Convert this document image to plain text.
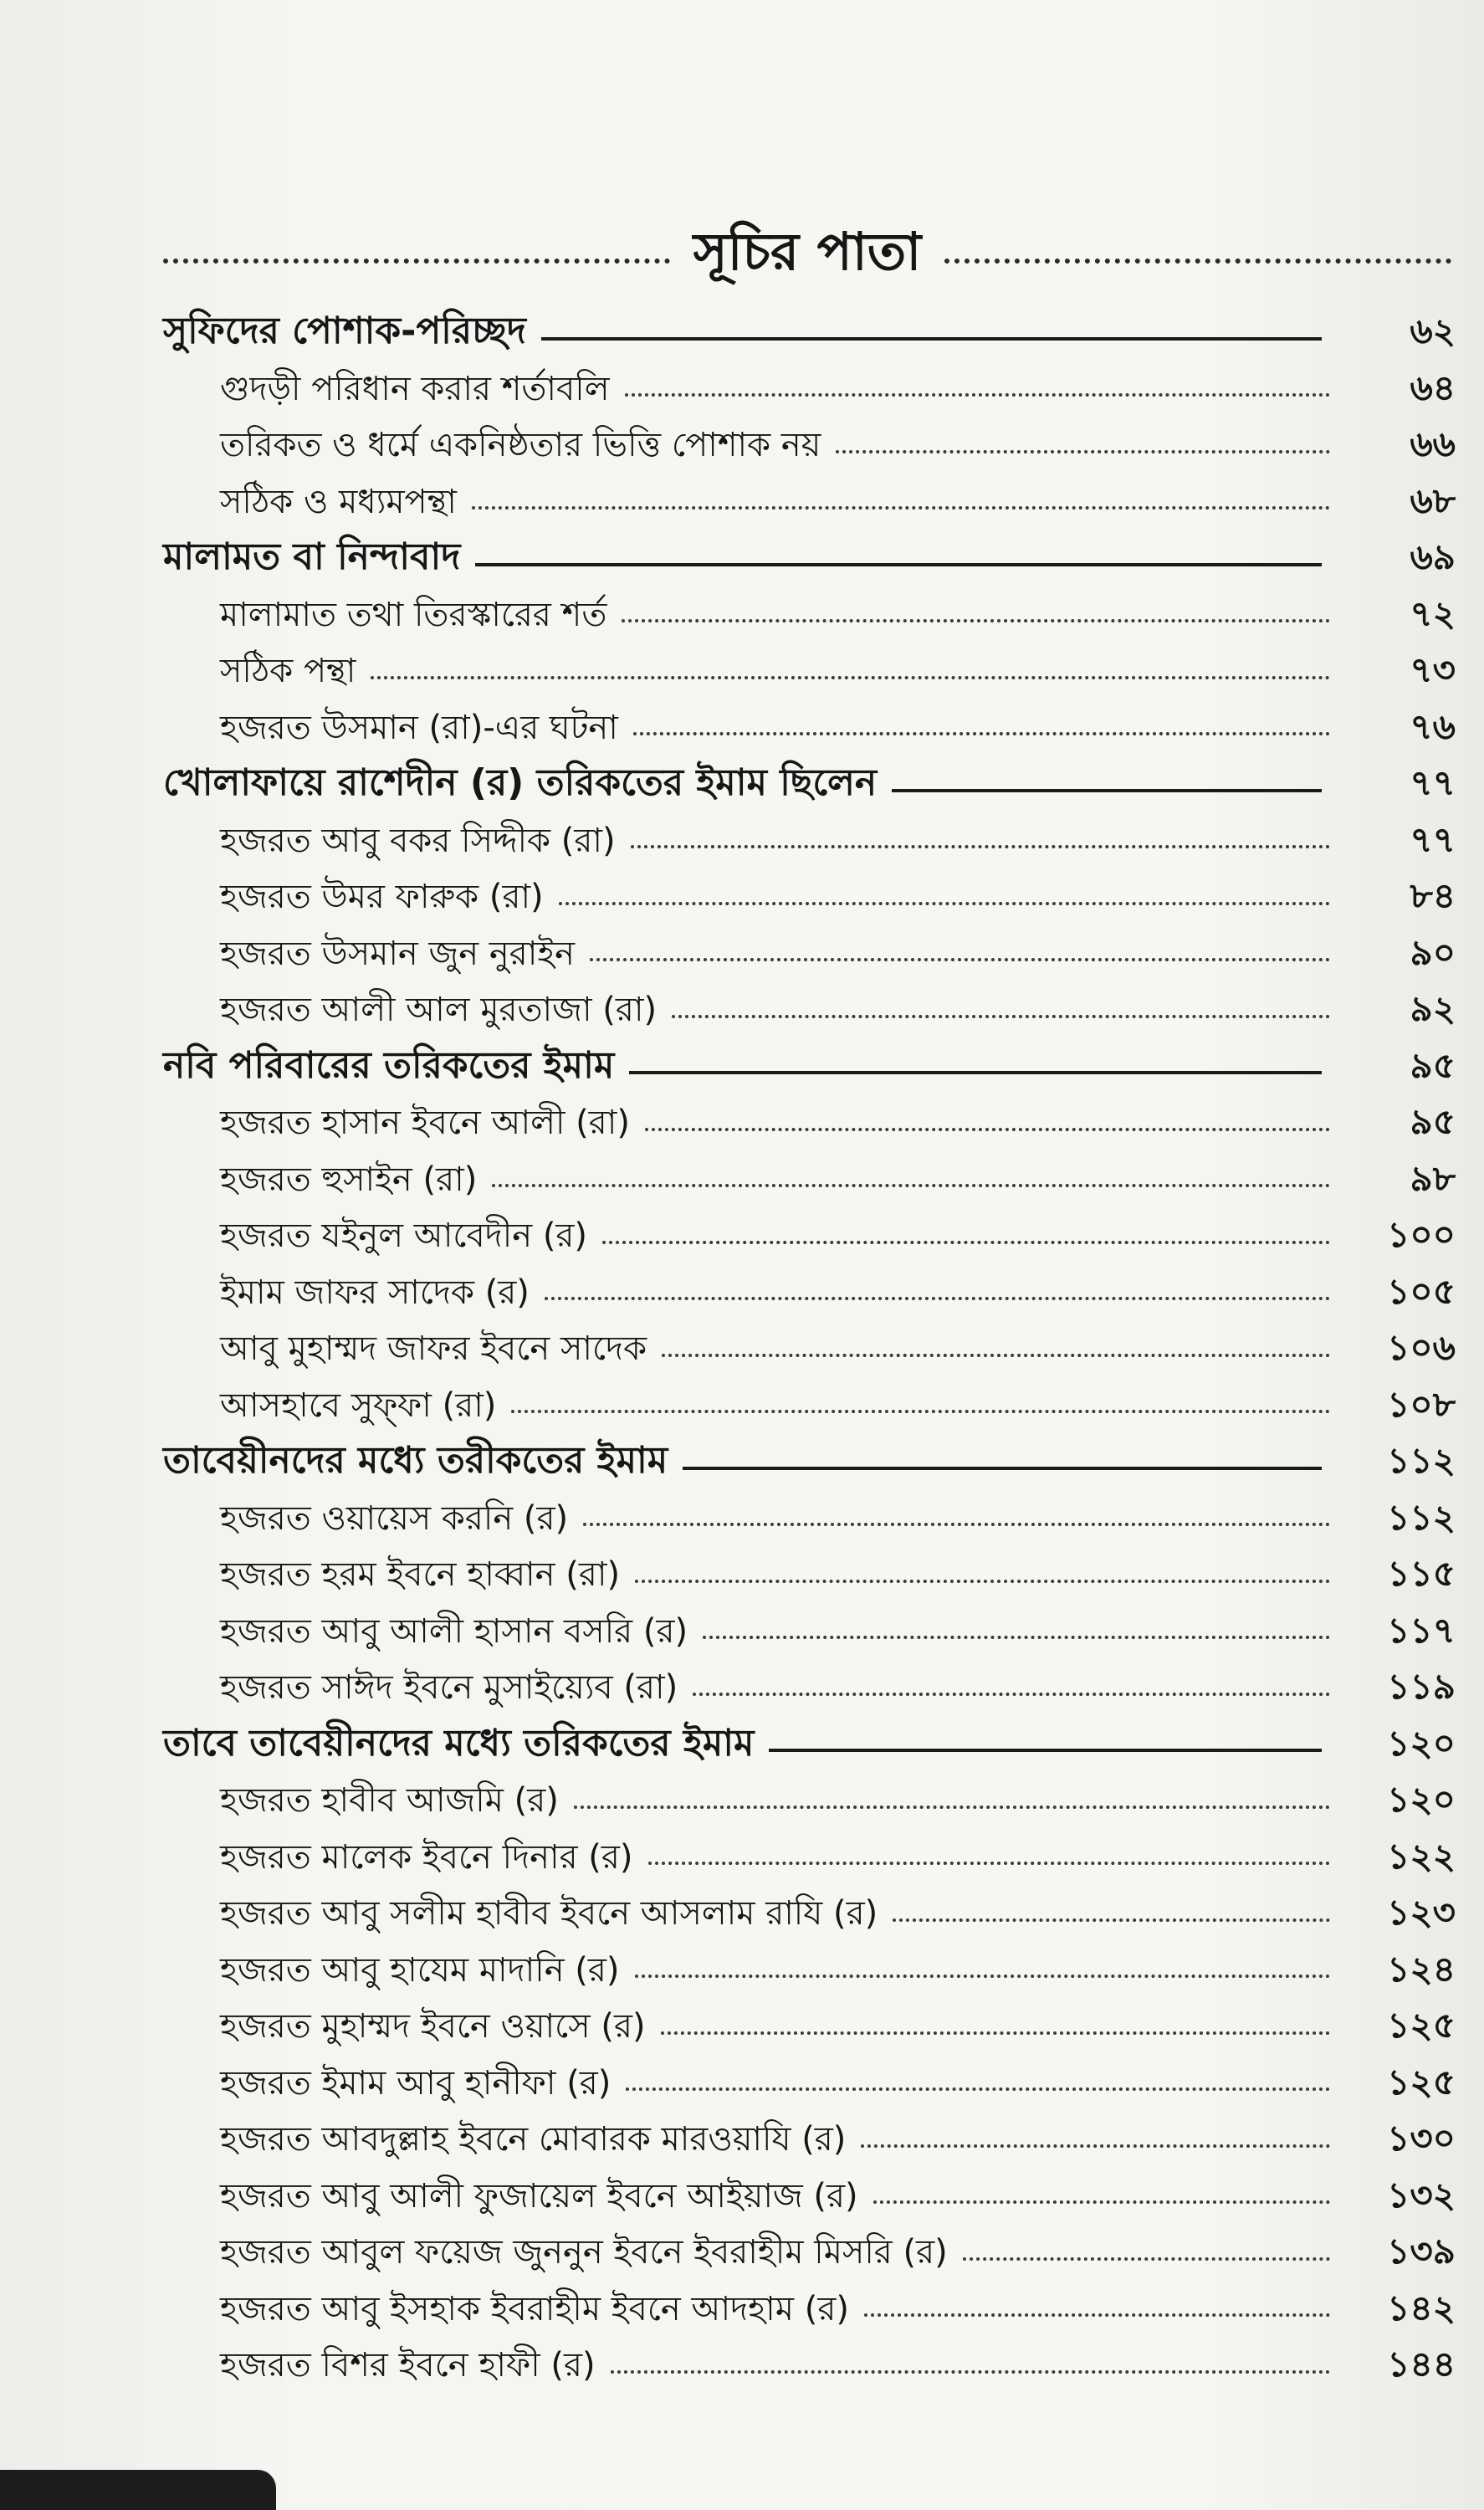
সূচির পাতা
সুফিদের পোশাক-পরিচ্ছদ	৬২
গুদড়ী পরিধান করার শর্তাবলি	৬৪
তরিকত ও ধর্মে একনিষ্ঠতার ভিত্তি পোশাক নয়	৬৬
সঠিক ও মধ্যমপন্থা	৬৮
মালামত বা নিন্দাবাদ	৬৯
মালামাত তথা তিরস্কারের শর্ত	৭২
সঠিক পন্থা	৭৩
হজরত উসমান (রা)-এর ঘটনা	৭৬
খোলাফায়ে রাশেদীন (র) তরিকতের ইমাম ছিলেন	৭৭
হজরত আবু বকর সিদ্দীক (রা)	৭৭
হজরত উমর ফারুক (রা)	৮৪
হজরত উসমান জুন নুরাইন	৯০
হজরত আলী আল মুরতাজা (রা)	৯২
নবি পরিবারের তরিকতের ইমাম	৯৫
হজরত হাসান ইবনে আলী (রা)	৯৫
হজরত হুসাইন (রা)	৯৮
হজরত যইনুল আবেদীন (র)	১০০
ইমাম জাফর সাদেক (র)	১০৫
আবু মুহাম্মদ জাফর ইবনে সাদেক	১০৬
আসহাবে সুফ্ফা (রা)	১০৮
তাবেয়ীনদের মধ্যে তরীকতের ইমাম	১১২
হজরত ওয়ায়েস করনি (র)	১১২
হজরত হরম ইবনে হাব্বান (রা)	১১৫
হজরত আবু আলী হাসান বসরি (র)	১১৭
হজরত সাঈদ ইবনে মুসাইয়্যেব (রা)	১১৯
তাবে তাবেয়ীনদের মধ্যে তরিকতের ইমাম	১২০
হজরত হাবীব আজমি (র)	১২০
হজরত মালেক ইবনে দিনার (র)	১২২
হজরত আবু সলীম হাবীব ইবনে আসলাম রাযি (র)	১২৩
হজরত আবু হাযেম মাদানি (র)	১২৪
হজরত মুহাম্মদ ইবনে ওয়াসে (র)	১২৫
হজরত ইমাম আবু হানীফা (র)	১২৫
হজরত আবদুল্লাহ ইবনে মোবারক মারওয়াযি (র)	১৩০
হজরত আবু আলী ফুজায়েল ইবনে আইয়াজ (র)	১৩২
হজরত আবুল ফয়েজ জুননুন ইবনে ইবরাহীম মিসরি (র)	১৩৯
হজরত আবু ইসহাক ইবরাহীম ইবনে আদহাম (র)	১৪২
হজরত বিশর ইবনে হাফী (র)	১৪৪
